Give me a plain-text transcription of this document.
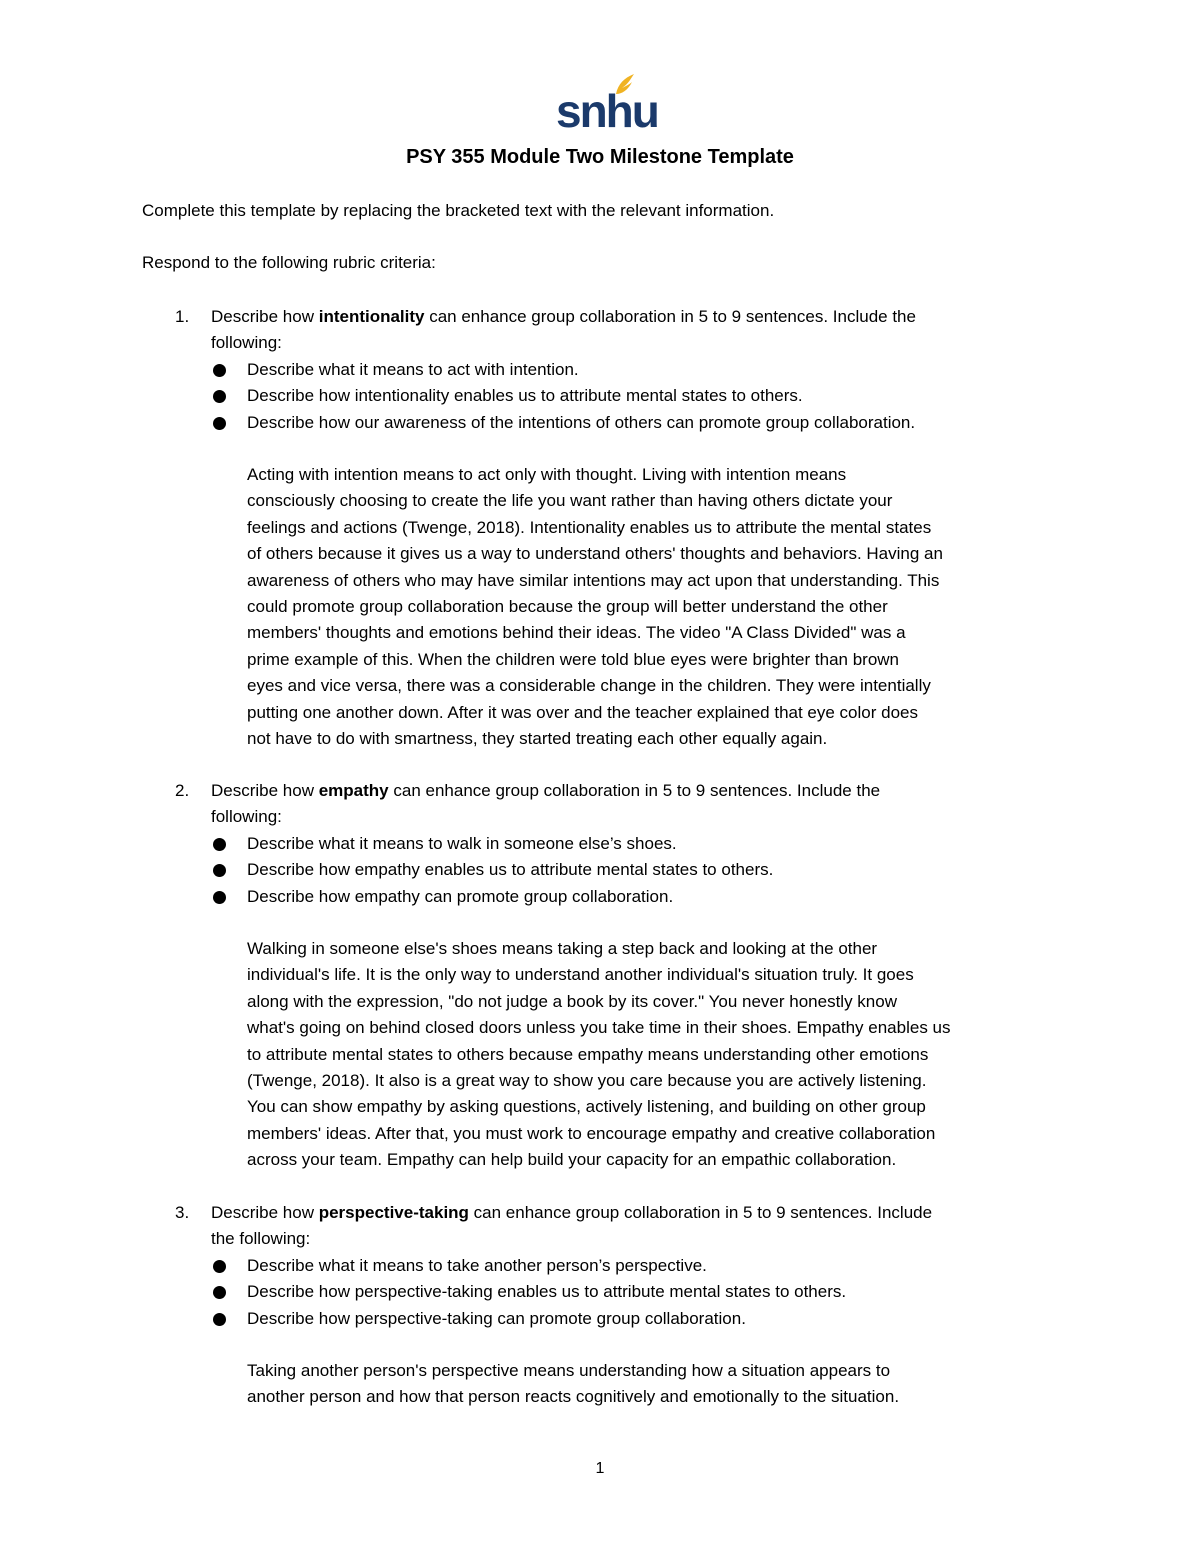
snhu
PSY 355 Module Two Milestone Template
Complete this template by replacing the bracketed text with the relevant information.
Respond to the following rubric criteria:
1. Describe how intentionality can enhance group collaboration in 5 to 9 sentences. Include the
following:
Describe what it means to act with intention.
Describe how intentionality enables us to attribute mental states to others.
Describe how our awareness of the intentions of others can promote group collaboration.
Acting with intention means to act only with thought. Living with intention means
consciously choosing to create the life you want rather than having others dictate your
feelings and actions (Twenge, 2018). Intentionality enables us to attribute the mental states
of others because it gives us a way to understand others' thoughts and behaviors. Having an
awareness of others who may have similar intentions may act upon that understanding. This
could promote group collaboration because the group will better understand the other
members' thoughts and emotions behind their ideas. The video "A Class Divided" was a
prime example of this. When the children were told blue eyes were brighter than brown
eyes and vice versa, there was a considerable change in the children. They were intentially
putting one another down. After it was over and the teacher explained that eye color does
not have to do with smartness, they started treating each other equally again.
2. Describe how empathy can enhance group collaboration in 5 to 9 sentences. Include the
following:
Describe what it means to walk in someone else’s shoes.
Describe how empathy enables us to attribute mental states to others.
Describe how empathy can promote group collaboration.
Walking in someone else's shoes means taking a step back and looking at the other
individual's life. It is the only way to understand another individual's situation truly. It goes
along with the expression, "do not judge a book by its cover." You never honestly know
what's going on behind closed doors unless you take time in their shoes. Empathy enables us
to attribute mental states to others because empathy means understanding other emotions
(Twenge, 2018). It also is a great way to show you care because you are actively listening.
You can show empathy by asking questions, actively listening, and building on other group
members' ideas. After that, you must work to encourage empathy and creative collaboration
across your team. Empathy can help build your capacity for an empathic collaboration.
3. Describe how perspective-taking can enhance group collaboration in 5 to 9 sentences. Include
the following:
Describe what it means to take another person’s perspective.
Describe how perspective-taking enables us to attribute mental states to others.
Describe how perspective-taking can promote group collaboration.
Taking another person's perspective means understanding how a situation appears to
another person and how that person reacts cognitively and emotionally to the situation.
1
